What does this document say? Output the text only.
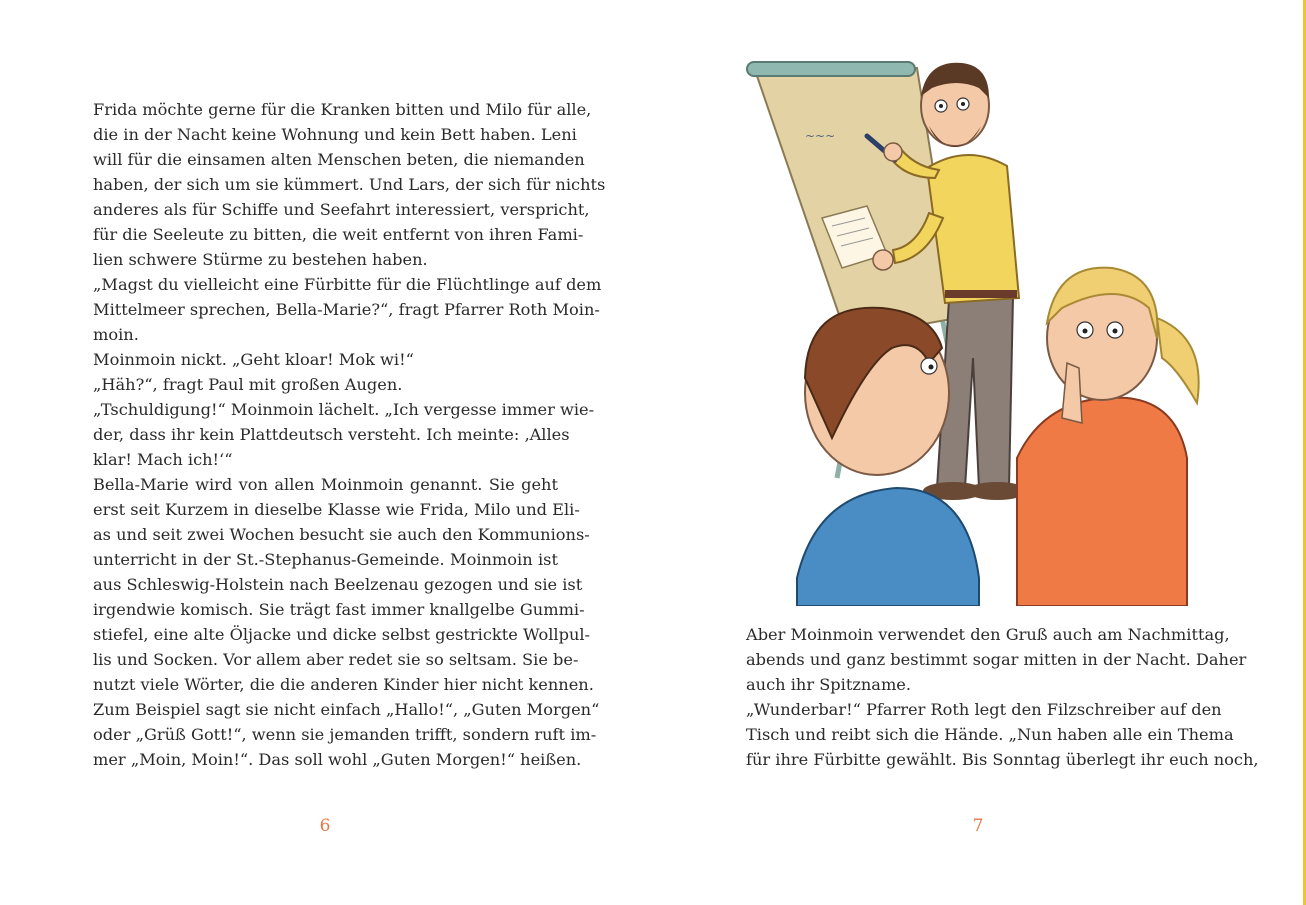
Frida möchte gerne für die Kranken bitten und Milo für alle,
die in der Nacht keine Wohnung und kein Bett haben. Leni
will für die einsamen alten Menschen beten, die niemanden
haben, der sich um sie kümmert. Und Lars, der sich für nichts
anderes als für Schiffe und Seefahrt interessiert, verspricht,
für die Seeleute zu bitten, die weit entfernt von ihren Fami-
lien schwere Stürme zu bestehen haben.
„Magst du vielleicht eine Fürbitte für die Flüchtlinge auf dem
Mittelmeer sprechen, Bella-Marie?“, fragt Pfarrer Roth Moin-
moin.
Moinmoin nickt. „Geht kloar! Mok wi!“
„Häh?“, fragt Paul mit großen Augen.
„Tschuldigung!“ Moinmoin lächelt. „Ich vergesse immer wie-
der, dass ihr kein Plattdeutsch versteht. Ich meinte: ‚Alles
klar! Mach ich!‘“
Bella-Marie wird von allen Moinmoin genannt. Sie geht
erst seit Kurzem in dieselbe Klasse wie Frida, Milo und Eli-
as und seit zwei Wochen besucht sie auch den Kommunions-
unterricht in der St.-Stephanus-Gemeinde. Moinmoin ist
aus Schleswig-Holstein nach Beelzenau gezogen und sie ist
irgendwie komisch. Sie trägt fast immer knallgelbe Gummi-
stiefel, eine alte Öljacke und dicke selbst gestrickte Wollpul-
lis und Socken. Vor allem aber redet sie so seltsam. Sie be-
nutzt viele Wörter, die die anderen Kinder hier nicht kennen.
Zum Beispiel sagt sie nicht einfach „Hallo!“, „Guten Morgen“
oder „Grüß Gott!“, wenn sie jemanden trifft, sondern ruft im-
mer „Moin, Moin!“. Das soll wohl „Guten Morgen!“ heißen.
6
~~~
Aber Moinmoin verwendet den Gruß auch am Nachmittag,
abends und ganz bestimmt sogar mitten in der Nacht. Daher
auch ihr Spitzname.
„Wunderbar!“ Pfarrer Roth legt den Filzschreiber auf den
Tisch und reibt sich die Hände. „Nun haben alle ein Thema
für ihre Fürbitte gewählt. Bis Sonntag überlegt ihr euch noch,
7
